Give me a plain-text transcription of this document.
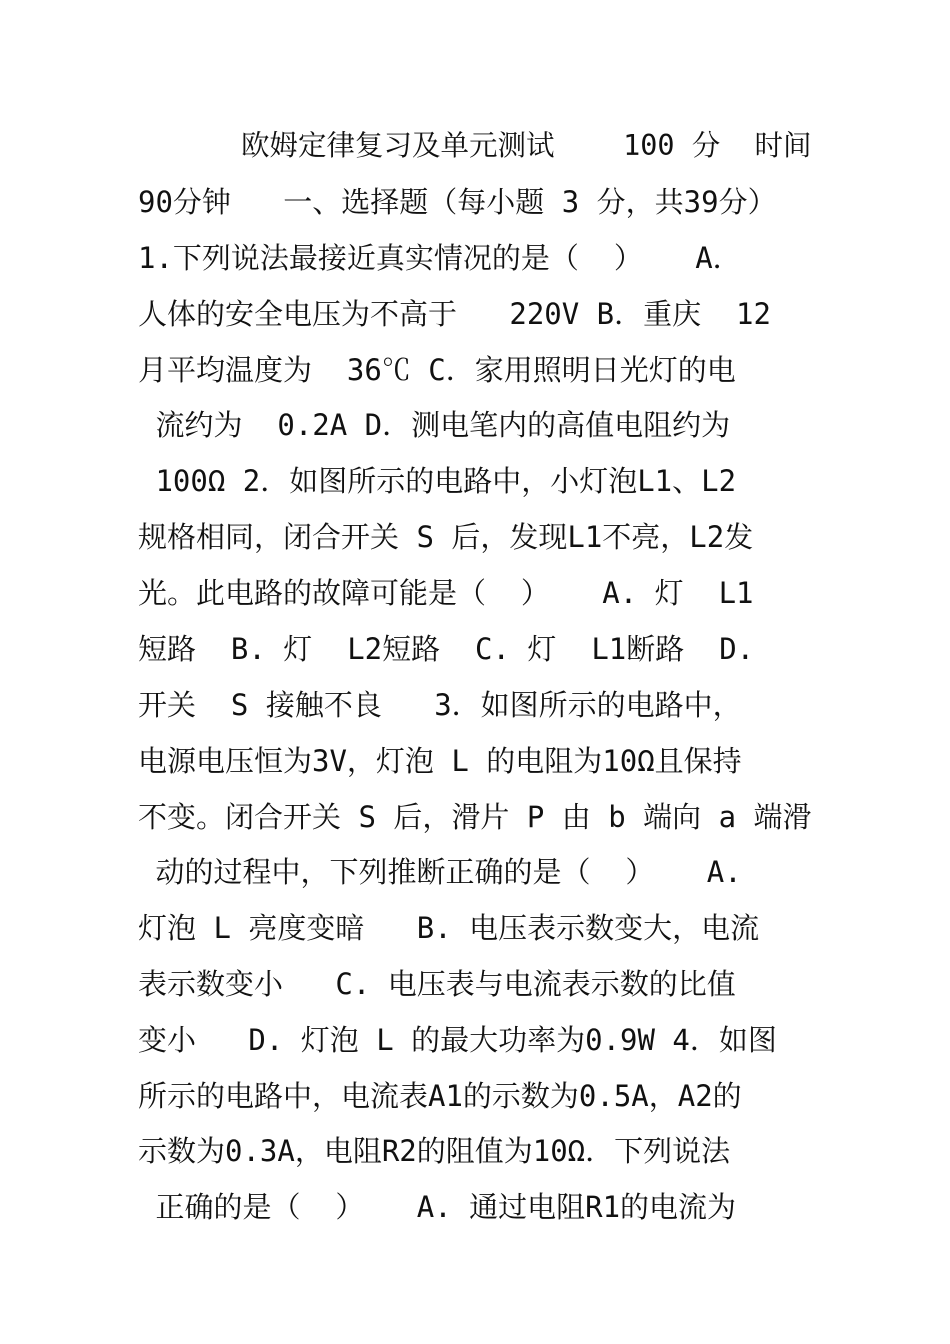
欧姆定律复习及单元测试    100 分  时间
90分钟   一、选择题（每小题 3 分，共39分）
1.下列说法最接近真实情况的是（  ）   A．
人体的安全电压为不高于   220V B．重庆  12
月平均温度为  36℃ C．家用照明日光灯的电
流约为  0.2A D．测电笔内的高值电阻约为
100Ω 2．如图所示的电路中，小灯泡L1、L2
规格相同，闭合开关 S 后，发现L1不亮，L2发
光。此电路的故障可能是（  ）   A. 灯  L1
短路  B. 灯  L2短路  C. 灯  L1断路  D.
开关  S 接触不良   3．如图所示的电路中，
电源电压恒为3V，灯泡 L 的电阻为10Ω且保持
不变。闭合开关 S 后，滑片 P 由 b 端向 a 端滑
动的过程中，下列推断正确的是（  ）   A.
灯泡 L 亮度变暗   B. 电压表示数变大，电流
表示数变小   C. 电压表与电流表示数的比值
变小   D. 灯泡 L 的最大功率为0.9W 4．如图
所示的电路中，电流表A1的示数为0.5A，A2的
示数为0.3A，电阻R2的阻值为10Ω．下列说法
正确的是（  ）   A. 通过电阻R1的电流为
